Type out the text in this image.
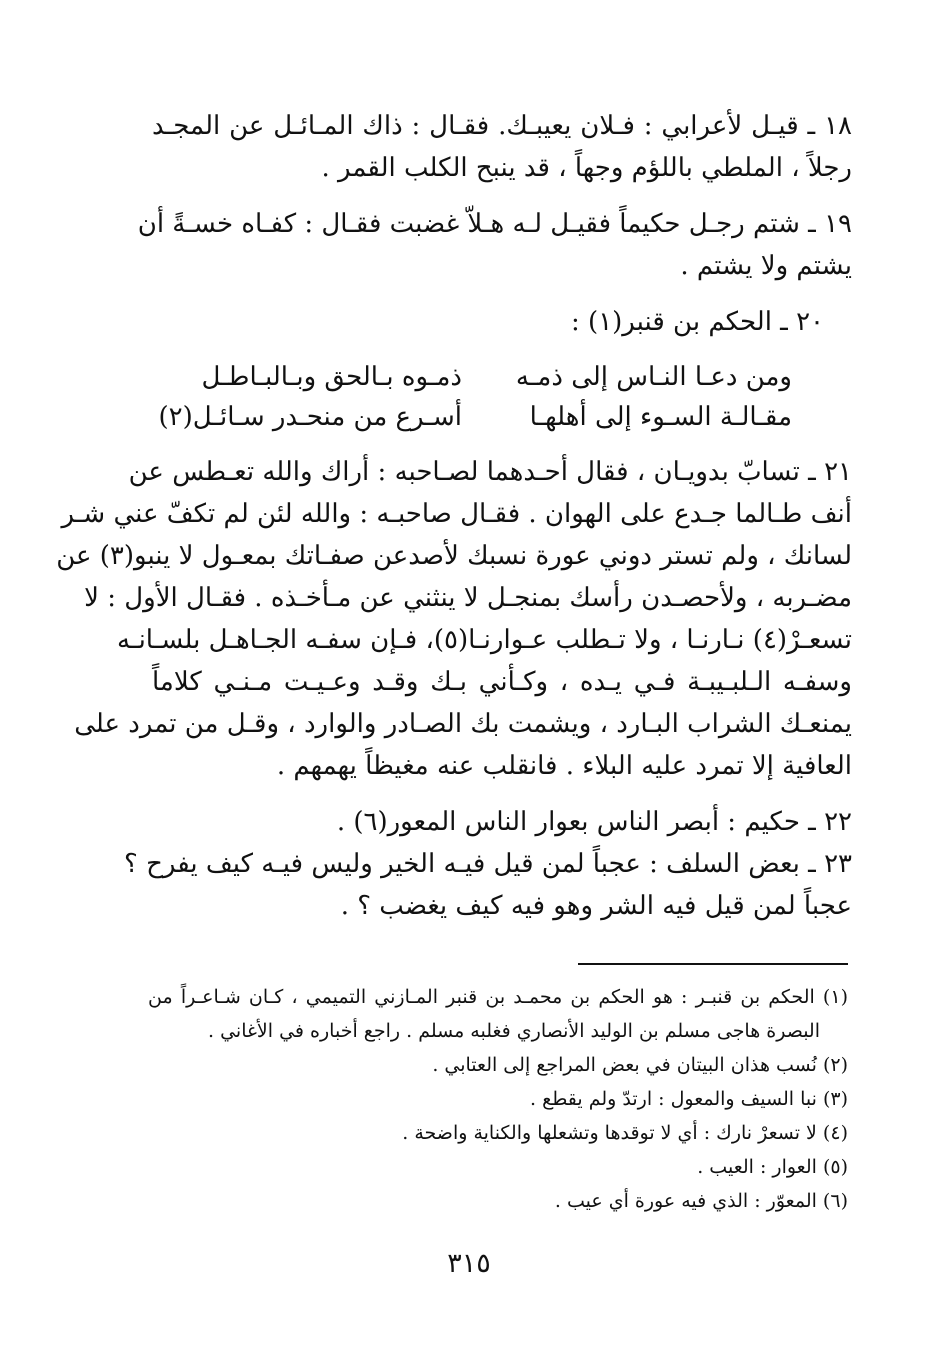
١٨ ـ قيـل لأعرابي : فـلان يعيبـك. فقـال : ذاك المـائـل عن المجـد
رجلاً ، الملطي باللؤم وجهاً ، قد ينبح الكلب القمر .
١٩ ـ شتم رجـل حكيماً فقيـل لـه هـلاّ غضبت فقـال : كفـاه خسـةً أن
يشتم ولا يشتم .
٢٠ ـ الحكم بن قنبر(١) :
ومن دعـا النـاس إلى ذمـه
ذمـوه بـالحق وبـالبـاطـل
مقـالـة السـوء إلى أهلهـا
أسـرع من منحـدر سـائـل(٢)
٢١ ـ تسابّ بدويـان ، فقال أحـدهما لصـاحبه : أراك والله تعـطس عن
أنف طـالما جـدع على الهوان . فقـال صاحبـه : والله لئن لم تكفّ عني شـر
لسانك ، ولم تستر دوني عورة نسبك لأصدعن صفـاتك بمعـول لا ينبو(٣) عن
مضـربه ، ولأحصـدن رأسك بمنجـل لا ينثني عن مـأخـذه . فقـال الأول : لا
تسعـرْ(٤) نـارنـا ، ولا تـطلب عـوارنـا(٥)، فـإن سفـه الجـاهـل بلسـانـه
وسفـه الـلبـيبـة فـي يـده ، وكـأني بـك وقـد وعـيـت مـنـي كلاماً
يمنعـك الشراب البـارد ، ويشمت بك الصـادر والوارد ، وقـل من تمرد على
العافية إلا تمرد عليه البلاء . فانقلب عنه مغيظاً يهمهم .
٢٢ ـ حكيم : أبصر الناس بعوار الناس المعور(٦) .
٢٣ ـ بعض السلف : عجباً لمن قيل فيـه الخير وليس فيـه كيف يفرح ؟
عجباً لمن قيل فيه الشر وهو فيه كيف يغضب ؟ .
(١) الحكم بن قنبـر : هو الحكم بن محمـد بن قنبر المـازني التميمي ، كـان شـاعـراً من
البصرة هاجى مسلم بن الوليد الأنصاري فغلبه مسلم . راجع أخباره في الأغاني .
(٢) نُسب هذان البيتان في بعض المراجع إلى العتابي .
(٣) نبا السيف والمعول : ارتدّ ولم يقطع .
(٤) لا تسعرْ نارك : أي لا توقدها وتشعلها والكناية واضحة .
(٥) العوار : العيب .
(٦) المعوّر : الذي فيه عورة أي عيب .
٣١٥
